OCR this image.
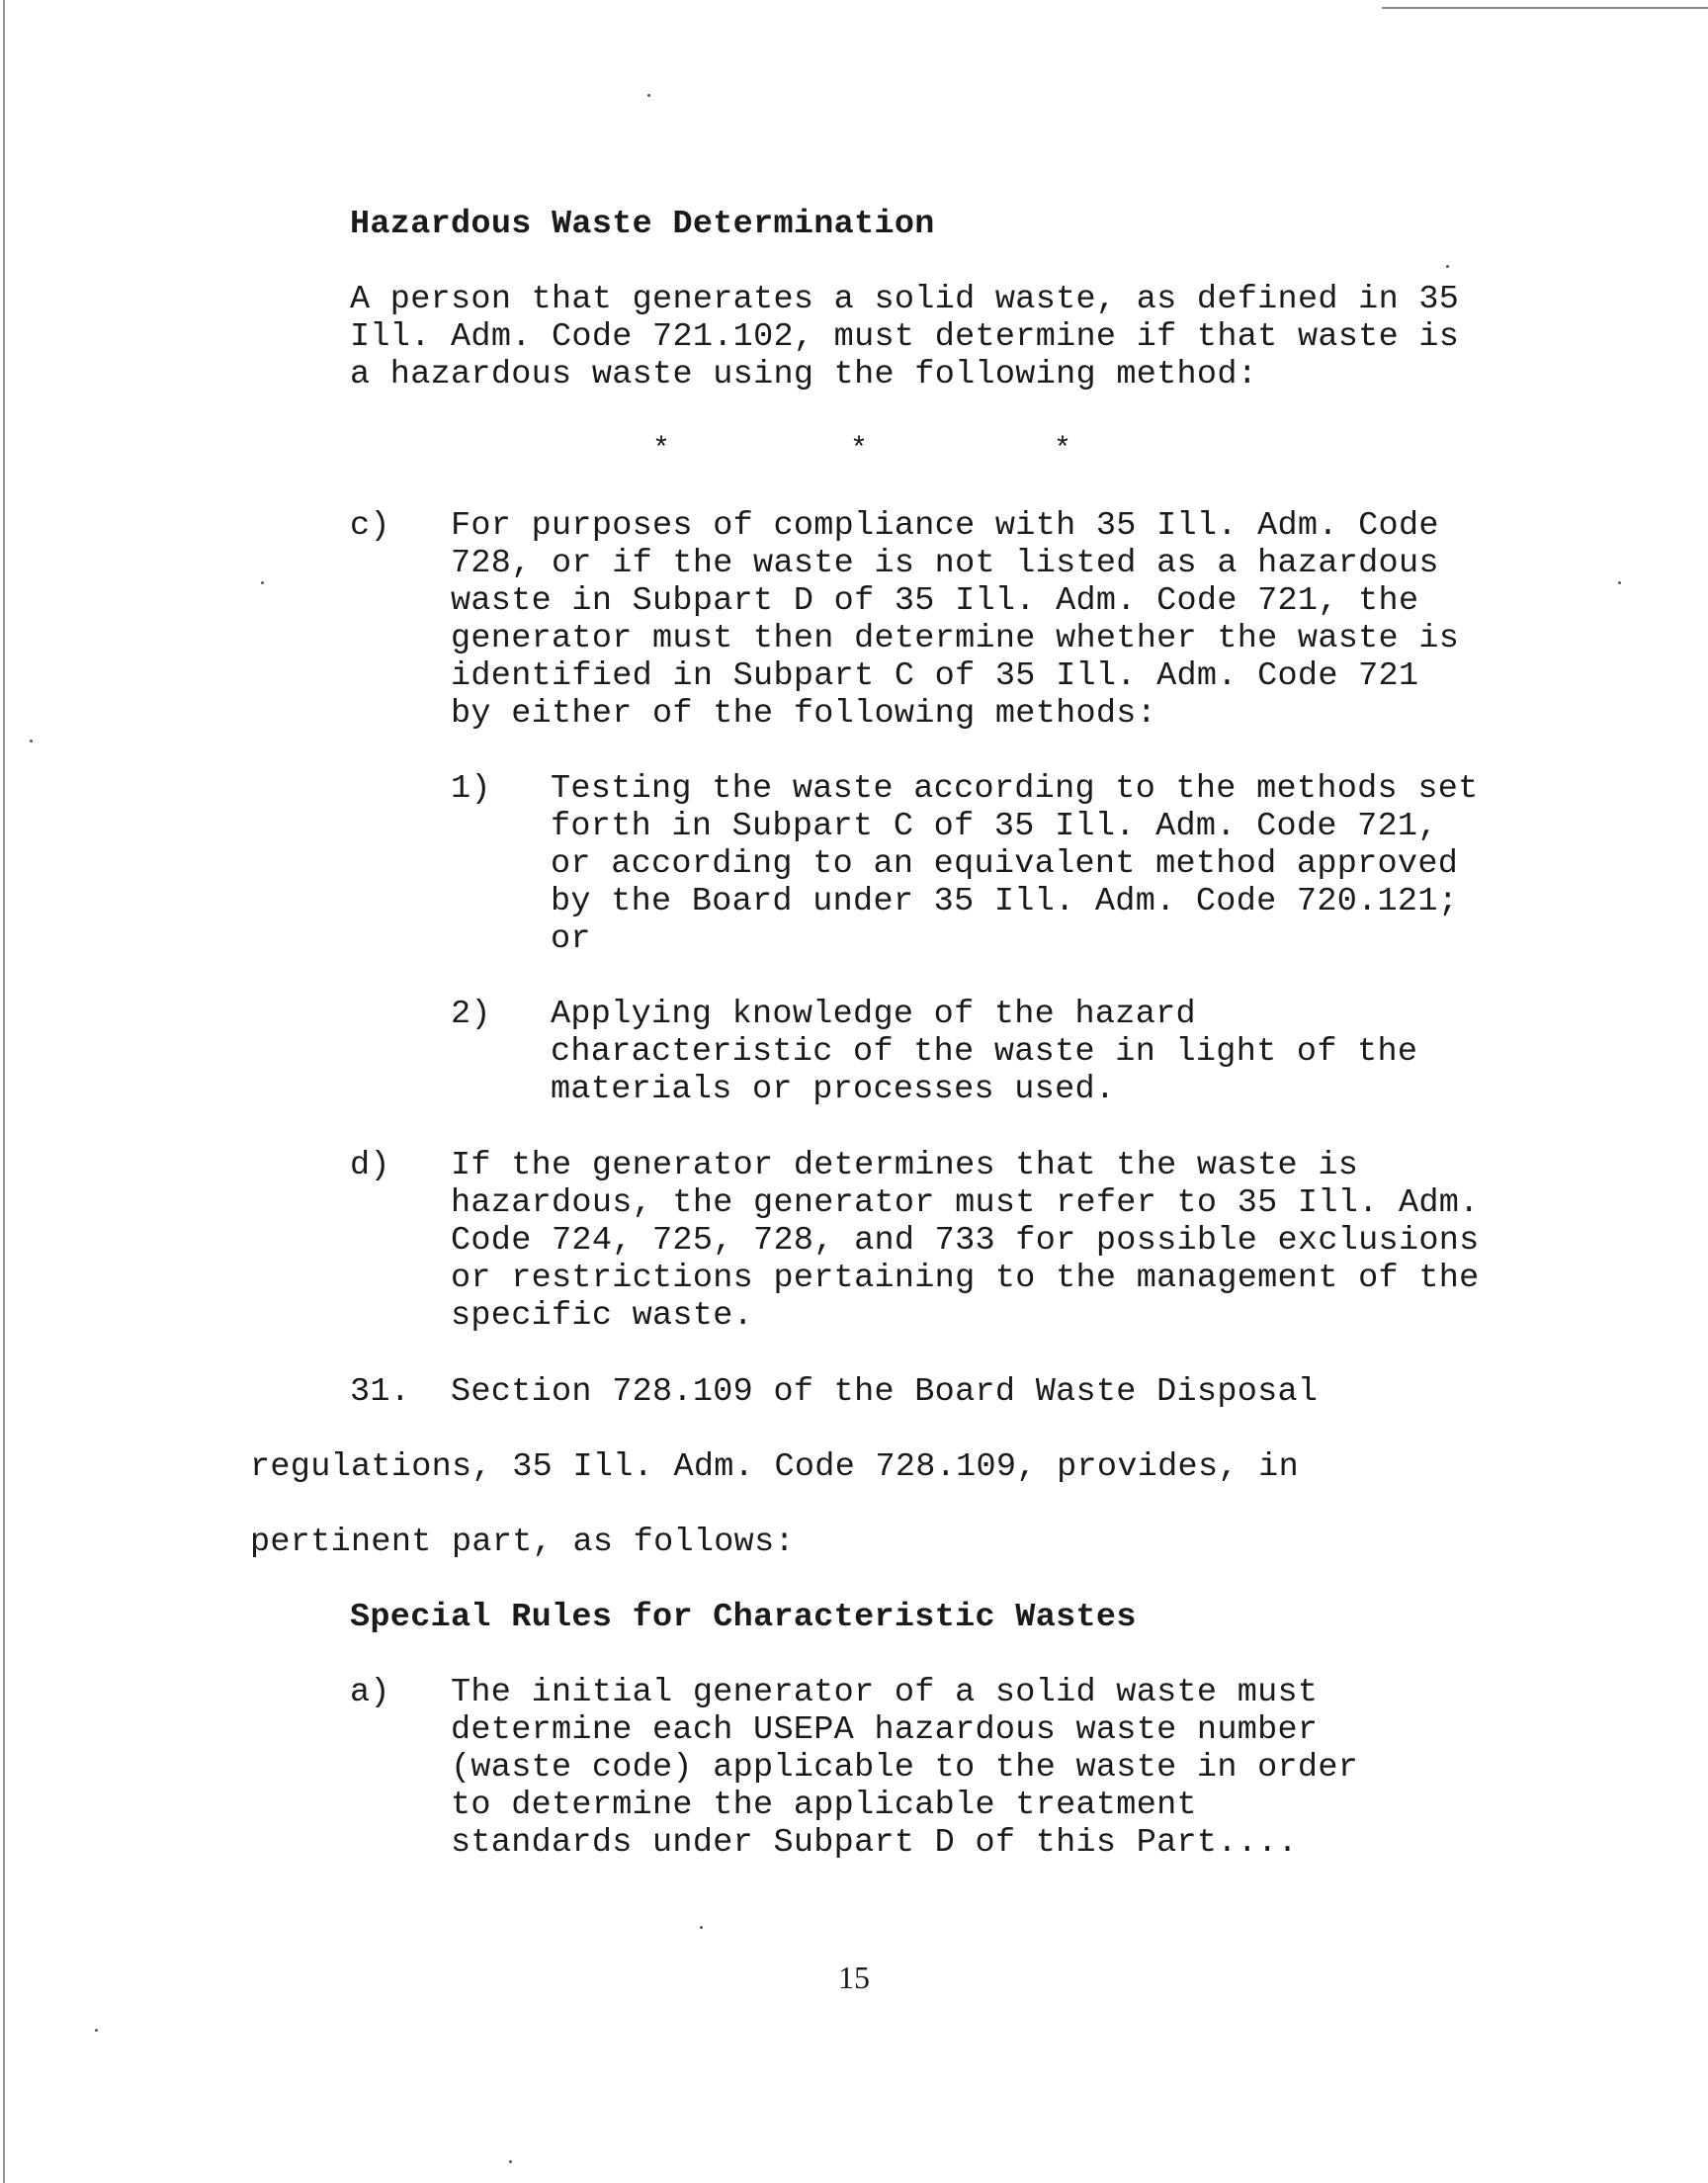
Hazardous Waste Determination
A person that generates a solid waste, as defined in 35
Ill. Adm. Code 721.102, must determine if that waste is
a hazardous waste using the following method:
*	*	*
c) For purposes of compliance with 35 Ill. Adm. Code
728, or if the waste is not listed as a hazardous
waste in Subpart D of 35 Ill. Adm. Code 721, the
generator must then determine whether the waste is
identified in Subpart C of 35 Ill. Adm. Code 721
by either of the following methods:
1) Testing the waste according to the methods set
forth in Subpart C of 35 Ill. Adm. Code 721,
or according to an equivalent method approved
by the Board under 35 Ill. Adm. Code 720.121;
or
2) Applying knowledge of the hazard
characteristic of the waste in light of the
materials or processes used.
d) If the generator determines that the waste is
hazardous, the generator must refer to 35 Ill. Adm.
Code 724, 725, 728, and 733 for possible exclusions
or restrictions pertaining to the management of the
specific waste.
31. Section 728.109 of the Board Waste Disposal
regulations, 35 Ill. Adm. Code 728.109, provides, in
pertinent part, as follows:
Special Rules for Characteristic Wastes
a) The initial generator of a solid waste must
determine each USEPA hazardous waste number
(waste code) applicable to the waste in order
to determine the applicable treatment
standards under Subpart D of this Part....
15
